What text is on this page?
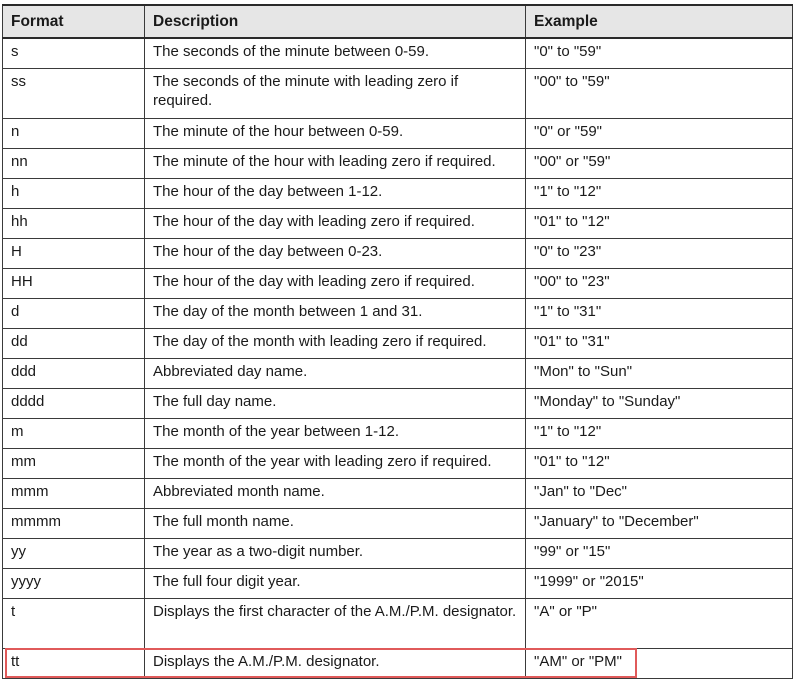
Format	Description	Example
s	The seconds of the minute between 0-59.	"0" to "59"
ss	The seconds of the minute with leading zero if required.	"00" to "59"
n	The minute of the hour between 0-59.	"0" or "59"
nn	The minute of the hour with leading zero if required.	"00" or "59"
h	The hour of the day between 1-12.	"1" to "12"
hh	The hour of the day with leading zero if required.	"01" to "12"
H	The hour of the day between 0-23.	"0" to "23"
HH	The hour of the day with leading zero if required.	"00" to "23"
d	The day of the month between 1 and 31.	"1" to "31"
dd	The day of the month with leading zero if required.	"01" to "31"
ddd	Abbreviated day name.	"Mon" to "Sun"
dddd	The full day name.	"Monday" to "Sunday"
m	The month of the year between 1-12.	"1" to "12"
mm	The month of the year with leading zero if required.	"01" to "12"
mmm	Abbreviated month name.	"Jan" to "Dec"
mmmm	The full month name.	"January" to "December"
yy	The year as a two-digit number.	"99" or "15"
yyyy	The full four digit year.	"1999" or "2015"
t	Displays the first character of the A.M./P.M. designator.	"A" or "P"
tt	Displays the A.M./P.M. designator.	"AM" or "PM"
